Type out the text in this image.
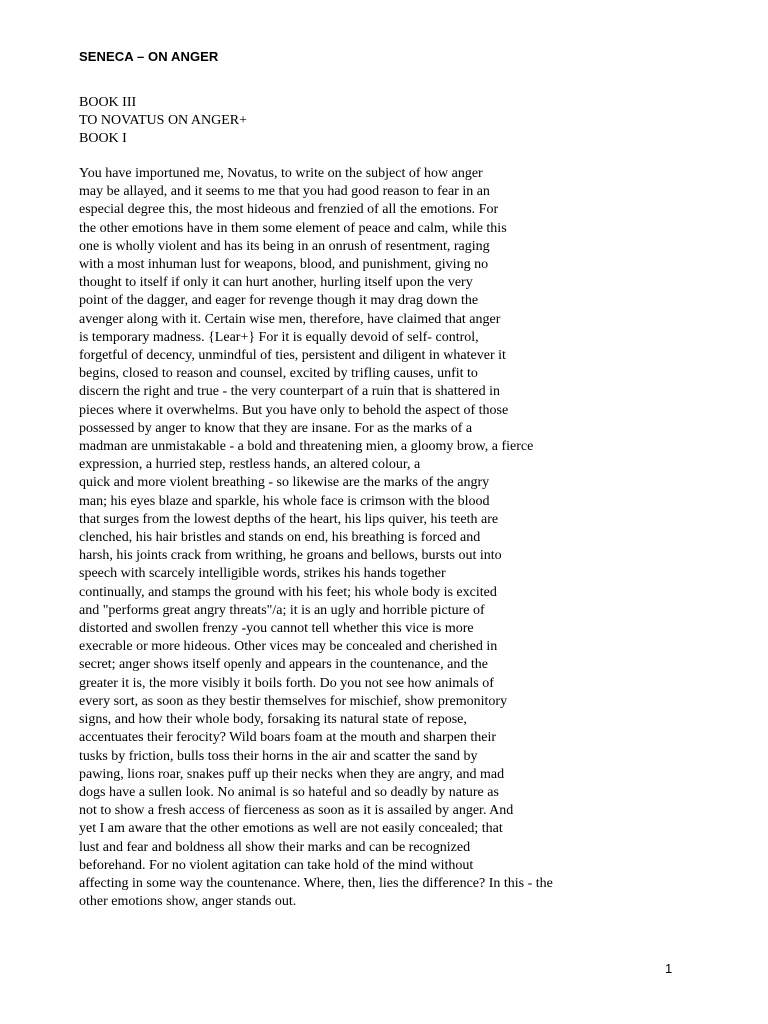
SENECA – ON ANGER
BOOK III
TO NOVATUS ON ANGER+
BOOK I
You have importuned me, Novatus, to write on the subject of how anger
may be allayed, and it seems to me that you had good reason to fear in an
especial degree this, the most hideous and frenzied of all the emotions. For
the other emotions have in them some element of peace and calm, while this
one is wholly violent and has its being in an onrush of resentment, raging
with a most inhuman lust for weapons, blood, and punishment, giving no
thought to itself if only it can hurt another, hurling itself upon the very
point of the dagger, and eager for revenge though it may drag down the
avenger along with it. Certain wise men, therefore, have claimed that anger
is temporary madness. {Lear+} For it is equally devoid of self- control,
forgetful of decency, unmindful of ties, persistent and diligent in whatever it
begins, closed to reason and counsel, excited by trifling causes, unfit to
discern the right and true - the very counterpart of a ruin that is shattered in
pieces where it overwhelms. But you have only to behold the aspect of those
possessed by anger to know that they are insane. For as the marks of a
madman are unmistakable - a bold and threatening mien, a gloomy brow, a fierce
expression, a hurried step, restless hands, an altered colour, a
quick and more violent breathing - so likewise are the marks of the angry
man; his eyes blaze and sparkle, his whole face is crimson with the blood
that surges from the lowest depths of the heart, his lips quiver, his teeth are
clenched, his hair bristles and stands on end, his breathing is forced and
harsh, his joints crack from writhing, he groans and bellows, bursts out into
speech with scarcely intelligible words, strikes his hands together
continually, and stamps the ground with his feet; his whole body is excited
and "performs great angry threats"/a; it is an ugly and horrible picture of
distorted and swollen frenzy -you cannot tell whether this vice is more
execrable or more hideous. Other vices may be concealed and cherished in
secret; anger shows itself openly and appears in the countenance, and the
greater it is, the more visibly it boils forth. Do you not see how animals of
every sort, as soon as they bestir themselves for mischief, show premonitory
signs, and how their whole body, forsaking its natural state of repose,
accentuates their ferocity? Wild boars foam at the mouth and sharpen their
tusks by friction, bulls toss their horns in the air and scatter the sand by
pawing, lions roar, snakes puff up their necks when they are angry, and mad
dogs have a sullen look. No animal is so hateful and so deadly by nature as
not to show a fresh access of fierceness as soon as it is assailed by anger. And
yet I am aware that the other emotions as well are not easily concealed; that
lust and fear and boldness all show their marks and can be recognized
beforehand. For no violent agitation can take hold of the mind without
affecting in some way the countenance. Where, then, lies the difference? In this - the
other emotions show, anger stands out.
1
